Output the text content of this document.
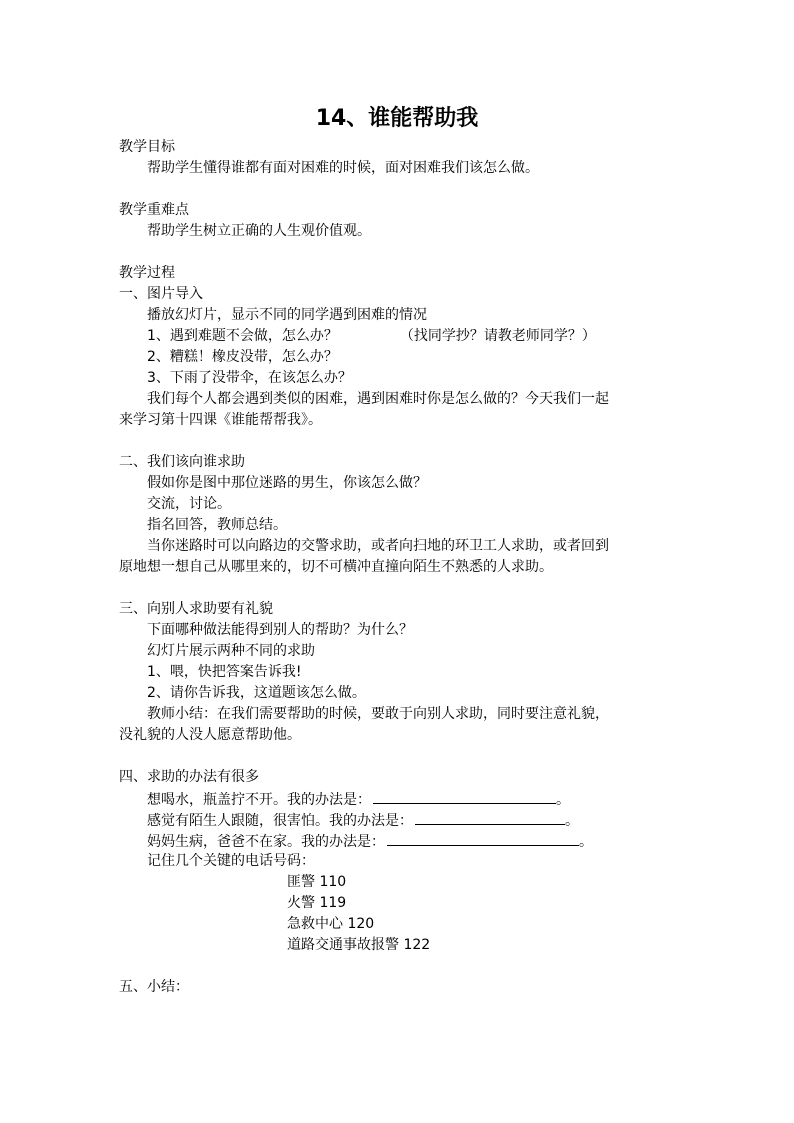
14、谁能帮助我
教学目标
帮助学生懂得谁都有面对困难的时候，面对困难我们该怎么做。
教学重难点
帮助学生树立正确的人生观价值观。
教学过程
一、图片导入
播放幻灯片，显示不同的同学遇到困难的情况
1、遇到难题不会做，怎么办？	（找同学抄？请教老师同学？）
2、糟糕！橡皮没带，怎么办？
3、下雨了没带伞，在该怎么办？
我们每个人都会遇到类似的困难，遇到困难时你是怎么做的？今天我们一起
来学习第十四课《谁能帮帮我》。
二、我们该向谁求助
假如你是图中那位迷路的男生，你该怎么做？
交流，讨论。
指名回答，教师总结。
当你迷路时可以向路边的交警求助，或者向扫地的环卫工人求助，或者回到
原地想一想自己从哪里来的，切不可横冲直撞向陌生不熟悉的人求助。
三、向别人求助要有礼貌
下面哪种做法能得到别人的帮助？为什么？
幻灯片展示两种不同的求助
1、喂，快把答案告诉我!
2、请你告诉我，这道题该怎么做。
教师小结：在我们需要帮助的时候，要敢于向别人求助，同时要注意礼貌，
没礼貌的人没人愿意帮助他。
四、求助的办法有很多
想喝水，瓶盖拧不开。我的办法是：	。
感觉有陌生人跟随，很害怕。我的办法是：	。
妈妈生病，爸爸不在家。我的办法是：	。
记住几个关键的电话号码：
匪警 110
火警 119
急救中心 120
道路交通事故报警 122
五、小结：
